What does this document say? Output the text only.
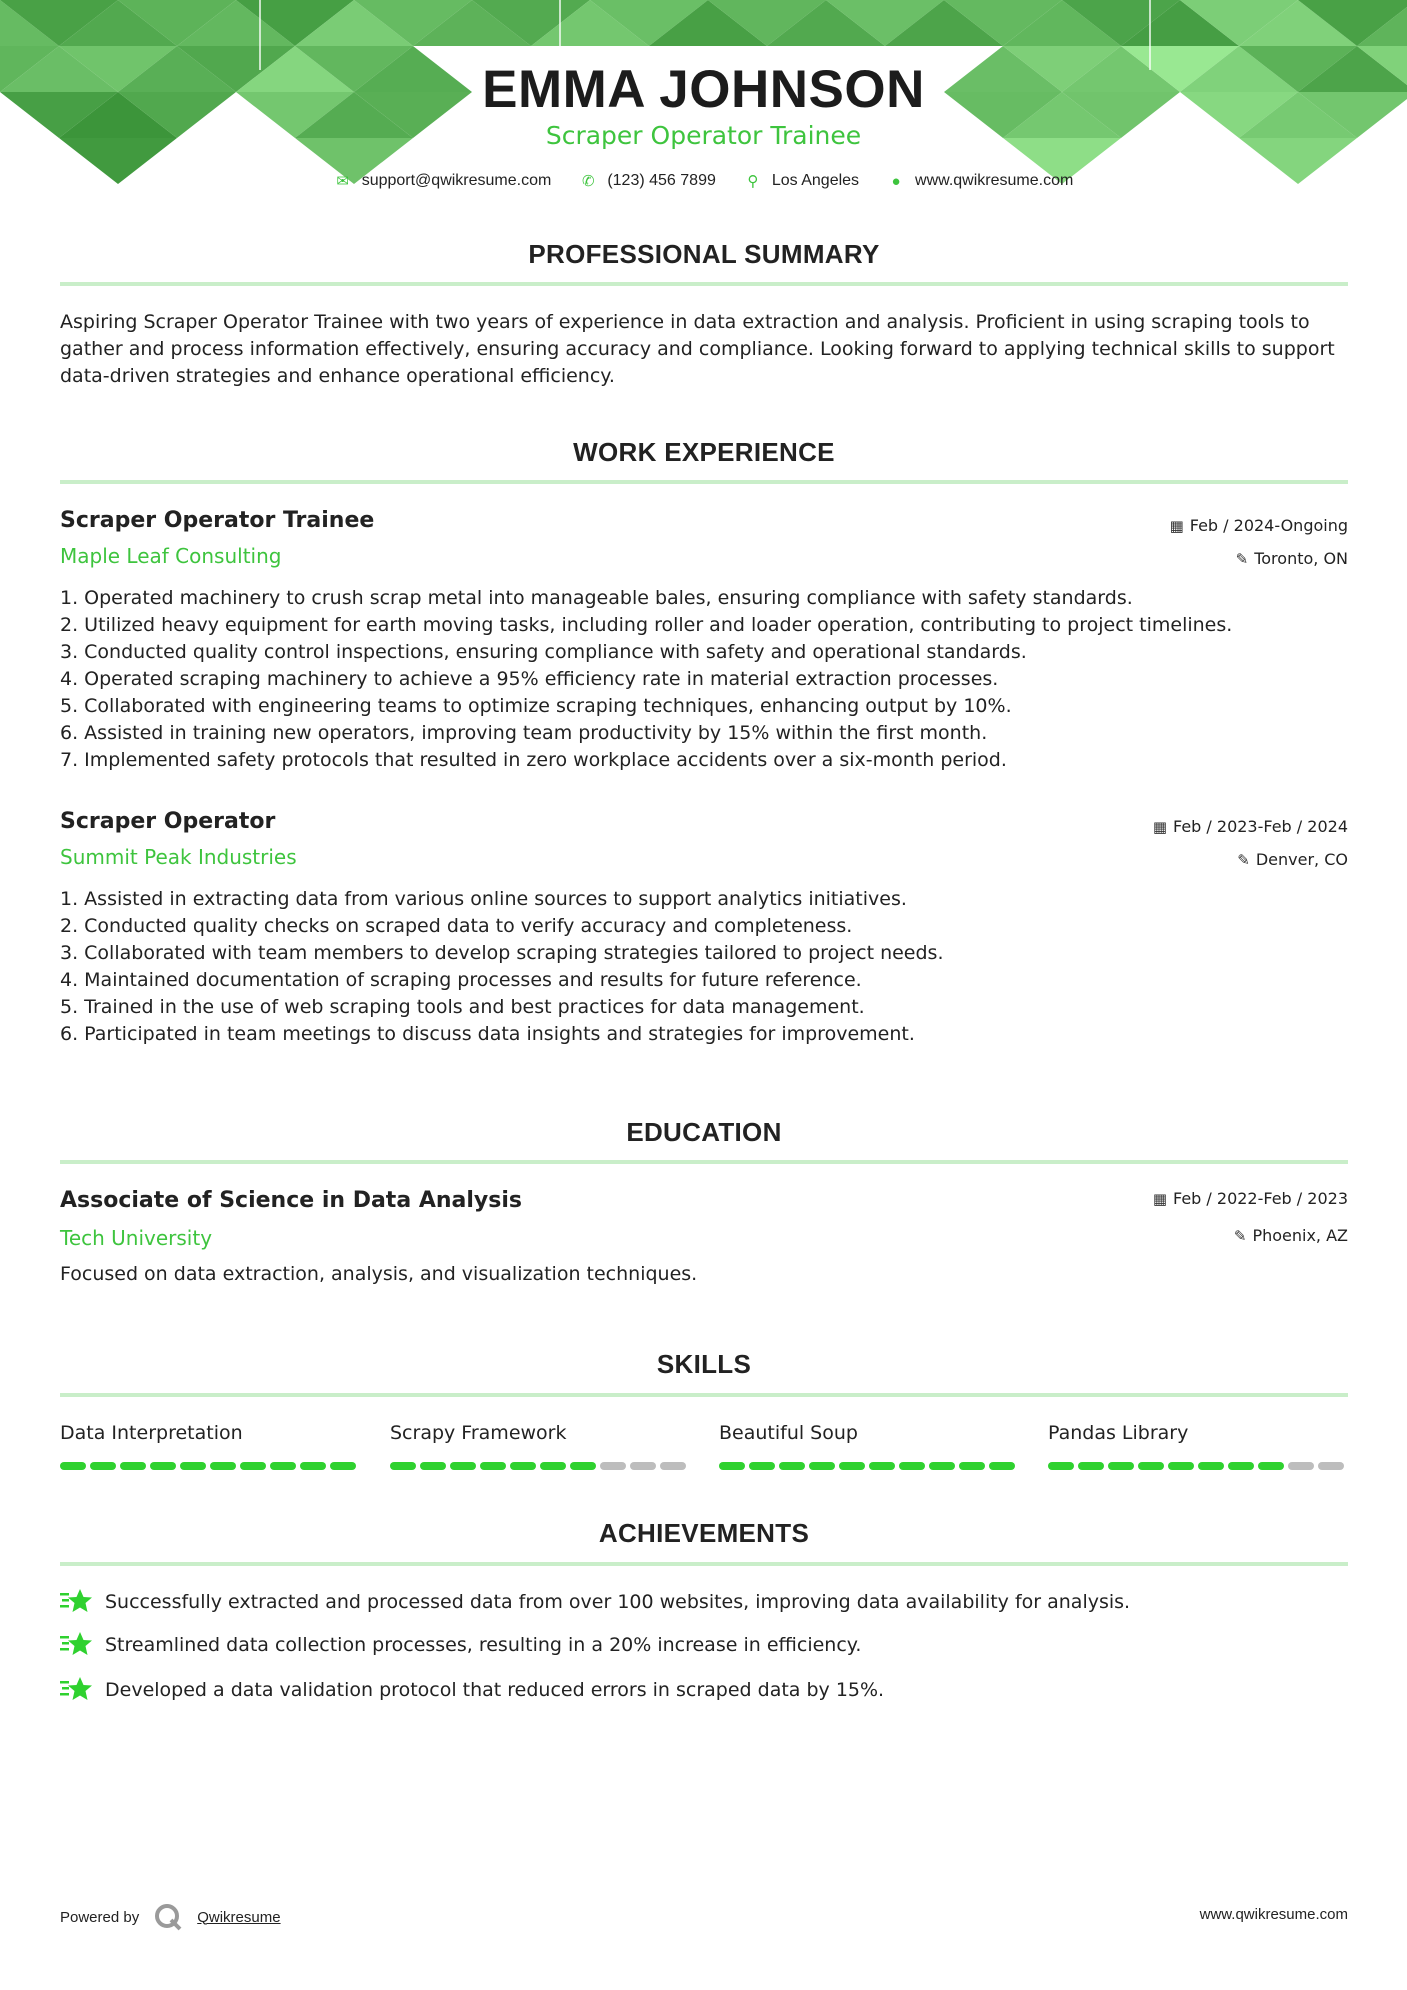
EMMA JOHNSON
Scraper Operator Trainee
✉ support@qwikresume.com ✆ (123) 456 7899 ⚲ Los Angeles ● www.qwikresume.com
PROFESSIONAL SUMMARY
Aspiring Scraper Operator Trainee with two years of experience in data extraction and analysis. Proficient in using scraping tools to gather and process information effectively, ensuring accuracy and compliance. Looking forward to applying technical skills to support data-driven strategies and enhance operational efficiency.
WORK EXPERIENCE
Scraper Operator Trainee	▦ Feb / 2024-Ongoing
Maple Leaf Consulting	✎ Toronto, ON
1. Operated machinery to crush scrap metal into manageable bales, ensuring compliance with safety standards.
2. Utilized heavy equipment for earth moving tasks, including roller and loader operation, contributing to project timelines.
3. Conducted quality control inspections, ensuring compliance with safety and operational standards.
4. Operated scraping machinery to achieve a 95% efficiency rate in material extraction processes.
5. Collaborated with engineering teams to optimize scraping techniques, enhancing output by 10%.
6. Assisted in training new operators, improving team productivity by 15% within the first month.
7. Implemented safety protocols that resulted in zero workplace accidents over a six-month period.
Scraper Operator	▦ Feb / 2023-Feb / 2024
Summit Peak Industries	✎ Denver, CO
1. Assisted in extracting data from various online sources to support analytics initiatives.
2. Conducted quality checks on scraped data to verify accuracy and completeness.
3. Collaborated with team members to develop scraping strategies tailored to project needs.
4. Maintained documentation of scraping processes and results for future reference.
5. Trained in the use of web scraping tools and best practices for data management.
6. Participated in team meetings to discuss data insights and strategies for improvement.
EDUCATION
Associate of Science in Data Analysis	▦ Feb / 2022-Feb / 2023
Tech University	✎ Phoenix, AZ
Focused on data extraction, analysis, and visualization techniques.
SKILLS
Data Interpretation	Scrapy Framework	Beautiful Soup	Pandas Library
ACHIEVEMENTS
Successfully extracted and processed data from over 100 websites, improving data availability for analysis.
Streamlined data collection processes, resulting in a 20% increase in efficiency.
Developed a data validation protocol that reduced errors in scraped data by 15%.
Powered by	Qwikresume	www.qwikresume.com
